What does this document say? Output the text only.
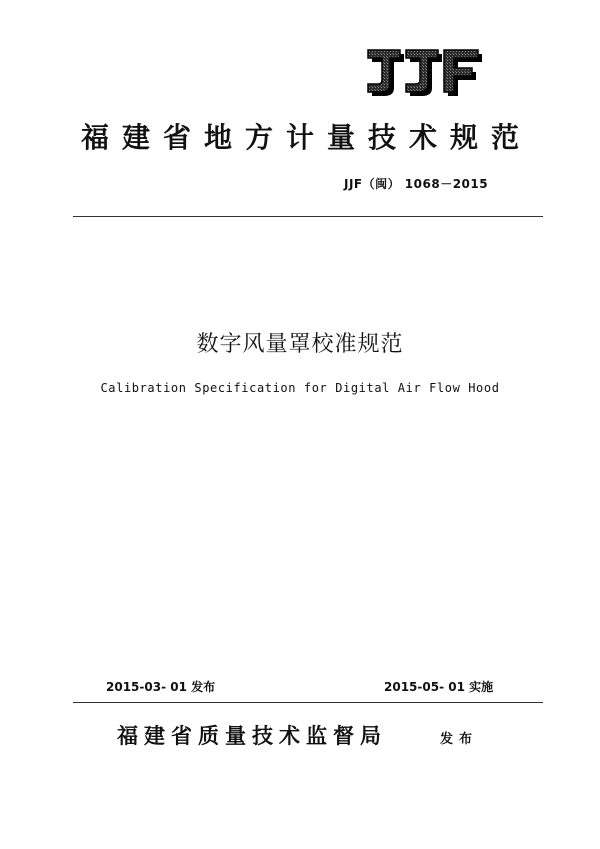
福建省地方计量技术规范
JJF（闽） 1068－2015
数字风量罩校准规范
Calibration Specification for Digital Air Flow Hood
2015-03- 01 发布	2015-05- 01 实施
福建省质量技术监督局	发布
